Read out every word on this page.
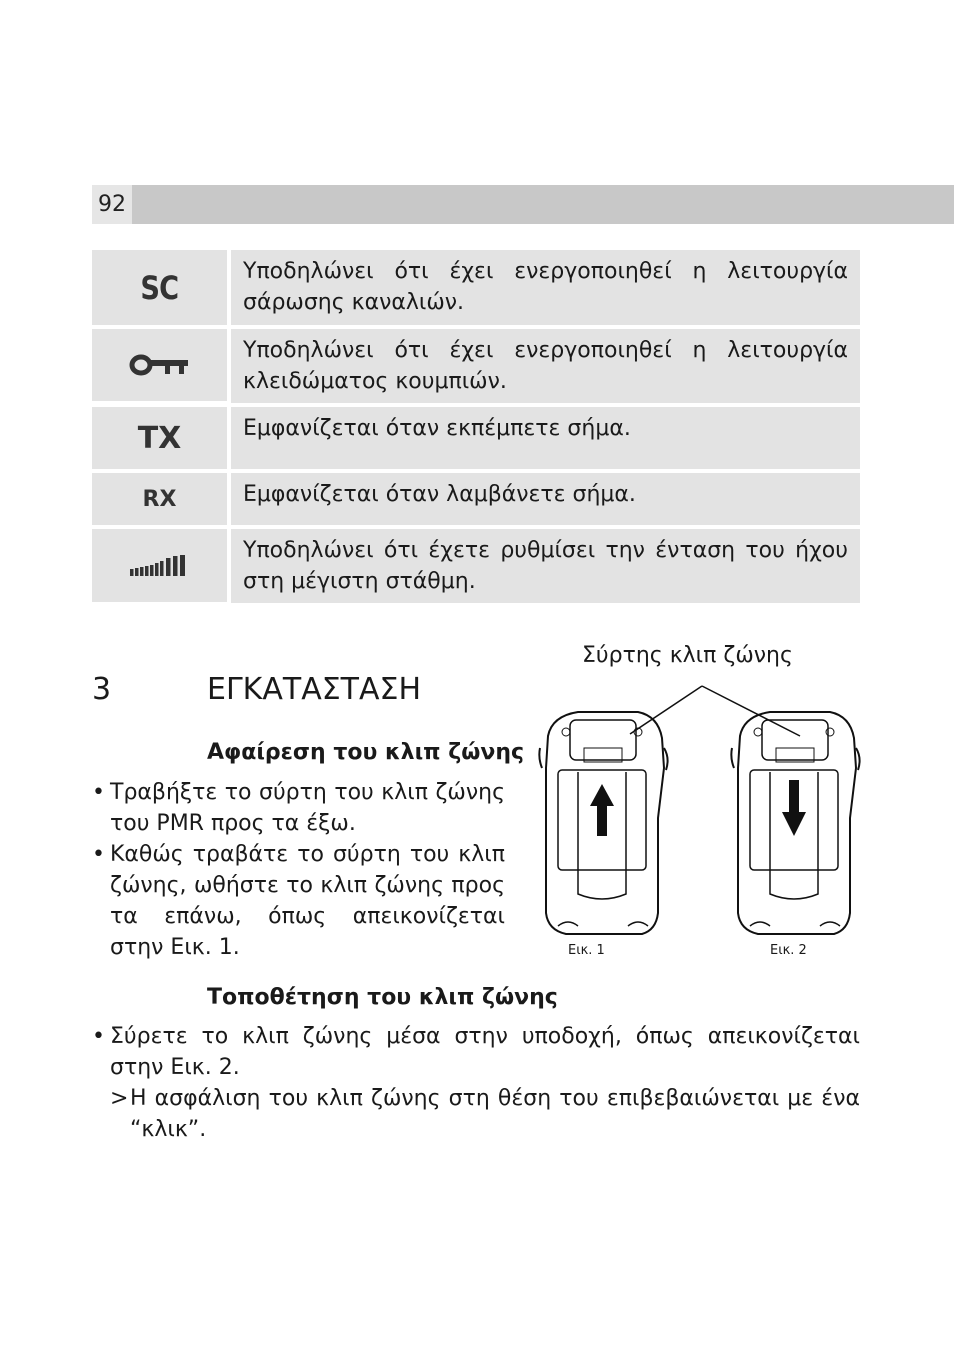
92
SC	Υποδηλώνει ότι έχει ενεργοποιηθεί η λειτουργία σάρωσης καναλιών.
Υποδηλώνει ότι έχει ενεργοποιηθεί η λειτουργία κλειδώματος κουμπιών.
TX	Εμφανίζεται όταν εκπέμπετε σήμα.
RX	Εμφανίζεται όταν λαμβάνετε σήμα.
Υποδηλώνει ότι έχετε ρυθμίσει την ένταση του ήχου στη μέγιστη στάθμη.
3	ΕΓΚΑΤΑΣΤΑΣΗ
Αφαίρεση του κλιπ ζώνης
• Τραβήξτε το σύρτη του κλιπ ζώνης του PMR προς τα έξω.
• Καθώς τραβάτε το σύρτη του κλιπ ζώνης, ωθήστε το κλιπ ζώνης προς τα επάνω, όπως απεικονίζεται στην Εικ. 1.
Σύρτης κλιπ ζώνης
Εικ. 1	Εικ. 2
Τοποθέτηση του κλιπ ζώνης
• Σύρετε το κλιπ ζώνης μέσα στην υποδοχή, όπως απεικονίζεται στην Εικ. 2.
> Η ασφάλιση του κλιπ ζώνης στη θέση του επιβεβαιώνεται με ένα “κλικ”.
